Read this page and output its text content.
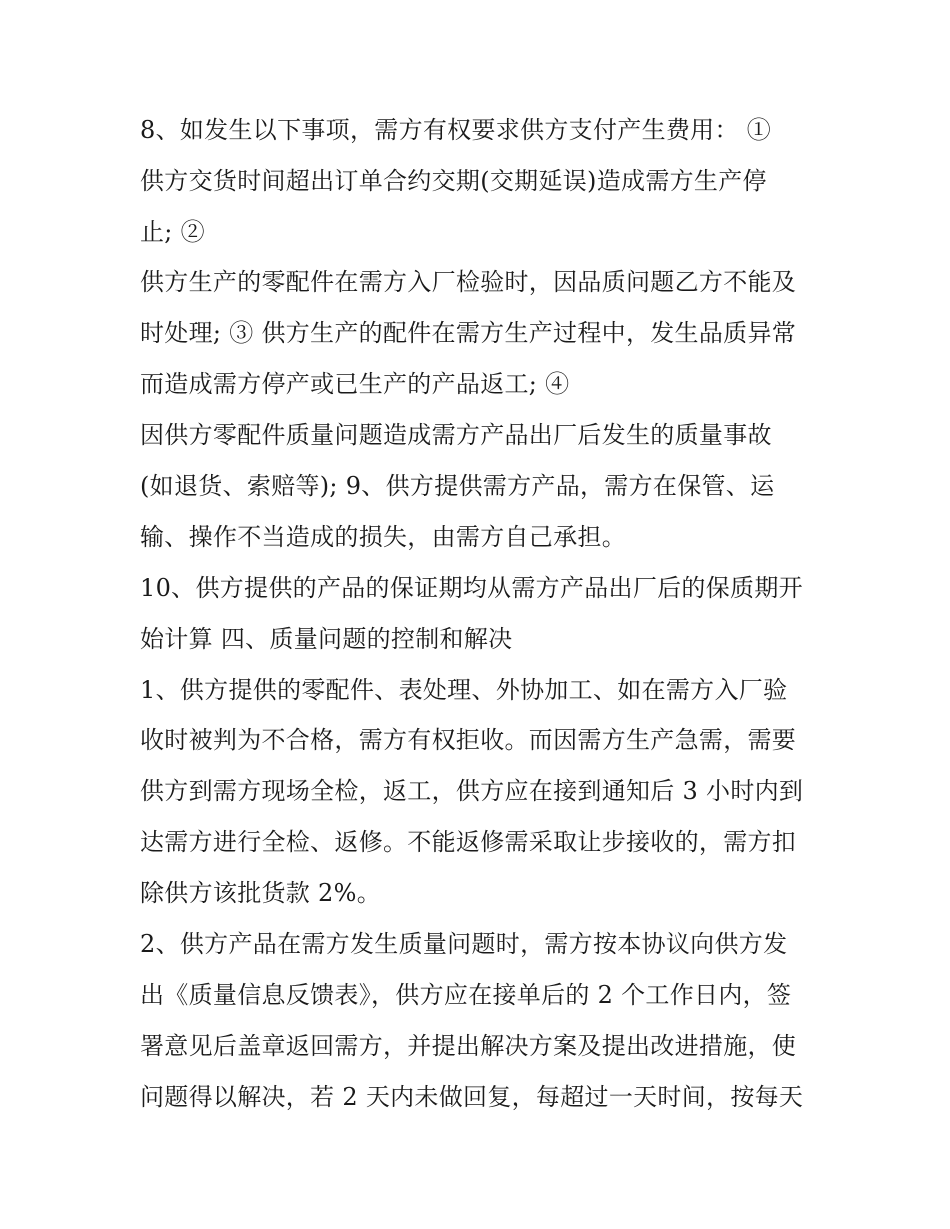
8、如发生以下事项，需方有权要求供方支付产生费用： ①
供方交货时间超出订单合约交期(交期延误)造成需方生产停
止; ②
供方生产的零配件在需方入厂检验时，因品质问题乙方不能及
时处理; ③ 供方生产的配件在需方生产过程中，发生品质异常
而造成需方停产或已生产的产品返工; ④
因供方零配件质量问题造成需方产品出厂后发生的质量事故
(如退货、索赔等); 9、供方提供需方产品，需方在保管、运
输、操作不当造成的损失，由需方自己承担。
10、供方提供的产品的保证期均从需方产品出厂后的保质期开
始计算 四、质量问题的控制和解决
1、供方提供的零配件、表处理、外协加工、如在需方入厂验
收时被判为不合格，需方有权拒收。而因需方生产急需，需要
供方到需方现场全检，返工，供方应在接到通知后 3 小时内到
达需方进行全检、返修。不能返修需采取让步接收的，需方扣
除供方该批货款 2%。
2、供方产品在需方发生质量问题时，需方按本协议向供方发
出《质量信息反馈表》，供方应在接单后的 2 个工作日内，签
署意见后盖章返回需方，并提出解决方案及提出改进措施，使
问题得以解决，若 2 天内未做回复，每超过一天时间，按每天
